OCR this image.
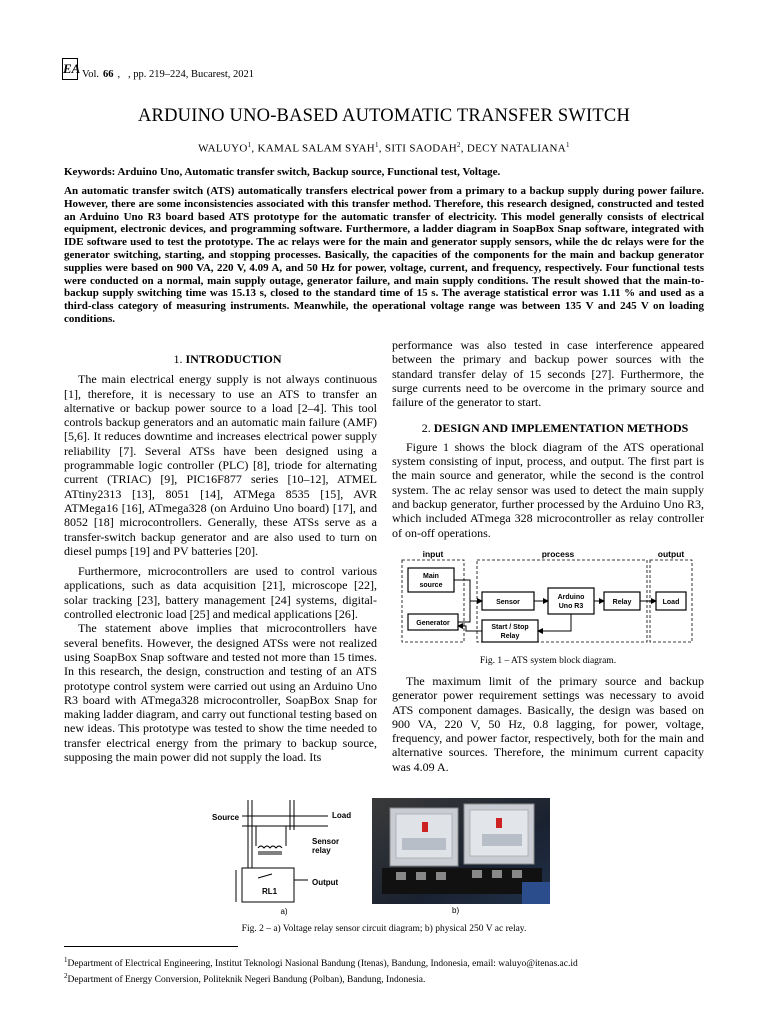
EA Vol. 66 ,   , pp. 219–224, Bucarest, 2021
ARDUINO UNO-BASED AUTOMATIC TRANSFER SWITCH
WALUYO$^1$, KAMAL SALAM SYAH$^1$, SITI SAODAH$^2$, DECY NATALIANA$^1$
Keywords: Arduino Uno, Automatic transfer switch, Backup source, Functional test, Voltage.
An automatic transfer switch (ATS) automatically transfers electrical power from a primary to a backup supply during power failure. However, there are some inconsistencies associated with this transfer method. Therefore, this research designed, constructed and tested an Arduino Uno R3 board based ATS prototype for the automatic transfer of electricity. This model generally consists of electrical equipment, electronic devices, and programming software. Furthermore, a ladder diagram in SoapBox Snap software, integrated with IDE software used to test the prototype. The ac relays were for the main and generator supply sensors, while the dc relays were for the generator switching, starting, and stopping processes. Basically, the capacities of the components for the main and backup generator supplies were based on 900 VA, 220 V, 4.09 A, and 50 Hz for power, voltage, current, and frequency, respectively. Four functional tests were conducted on a normal, main supply outage, generator failure, and main supply conditions. The result showed that the main-to-backup supply switching time was 15.13 s, closed to the standard time of 15 s. The average statistical error was 1.11 % and used as a third-class category of measuring instruments. Meanwhile, the operational voltage range was between 135 V and 245 V on loading conditions.

1. INTRODUCTION

The main electrical energy supply is not always continuous [1], therefore, it is necessary to use an ATS to transfer an alternative or backup power source to a load [2–4]. This tool controls backup generators and an automatic main failure (AMF) [5,6]. It reduces downtime and increases electrical power supply reliability [7]. Several ATSs have been designed using a programmable logic controller (PLC) [8], triode for alternating current (TRIAC) [9], PIC16F877 series [10–12], ATMEL ATtiny2313 [13], 8051 [14], ATMega 8535 [15], AVR ATMega16 [16], ATmega328 (on Arduino Uno board) [17], and 8052 [18] microcontrollers. Generally, these ATSs serve as a transfer-switch backup generator and are also used to turn on diesel pumps [19] and PV batteries [20].

Furthermore, microcontrollers are used to control various applications, such as data acquisition [21], microscope [22], solar tracking [23], battery management [24] systems, digital-controlled electronic load [25] and medical applications [26].

The statement above implies that microcontrollers have several benefits. However, the designed ATSs were not realized using SoapBox Snap software and tested not more than 15 times. In this research, the design, construction and testing of an ATS prototype control system were carried out using an Arduino Uno R3 board with ATmega328 microcontroller, SoapBox Snap for making ladder diagram, and carry out functional testing based on new ideas. This prototype was tested to show the time needed to transfer electrical energy from the primary to backup source, supposing the main power did not supply the load. Its

performance was also tested in case interference appeared between the primary and backup power sources with the standard transfer delay of 15 seconds [27]. Furthermore, the surge currents need to be overcome in the primary source and failure of the generator to start.

2. DESIGN AND IMPLEMENTATION METHODS

Figure 1 shows the block diagram of the ATS operational system consisting of input, process, and output. The first part is the main source and generator, while the second is the control system. The ac relay sensor was used to detect the main supply and backup generator, further processed by the Arduino Uno R3, which included ATmega 328 microcontroller as relay controller of on-off operations.

input	process	output
Main
source
Generator
Sensor
Arduino
Uno R3
Relay
Start / Stop
Relay
Load
Fig. 1 – ATS system block diagram.

The maximum limit of the primary source and backup generator power requirement settings was necessary to avoid ATS component damages. Basically, the design was based on 900 VA, 220 V, 50 Hz, 0.8 lagging, for power, voltage, frequency, and power factor, respectively, both for the main and alternative sources. Therefore, the minimum current capacity was 4.09 A.

Source	Load
Sensor
relay
Output
RL1
a)	b)
Fig. 2 – a) Voltage relay sensor circuit diagram; b) physical 250 V ac relay.
$^1$Department of Electrical Engineering, Institut Teknologi Nasional Bandung (Itenas), Bandung, Indonesia, email: waluyo@itenas.ac.id
$^2$Department of Energy Conversion, Politeknik Negeri Bandung (Polban), Bandung, Indonesia.
